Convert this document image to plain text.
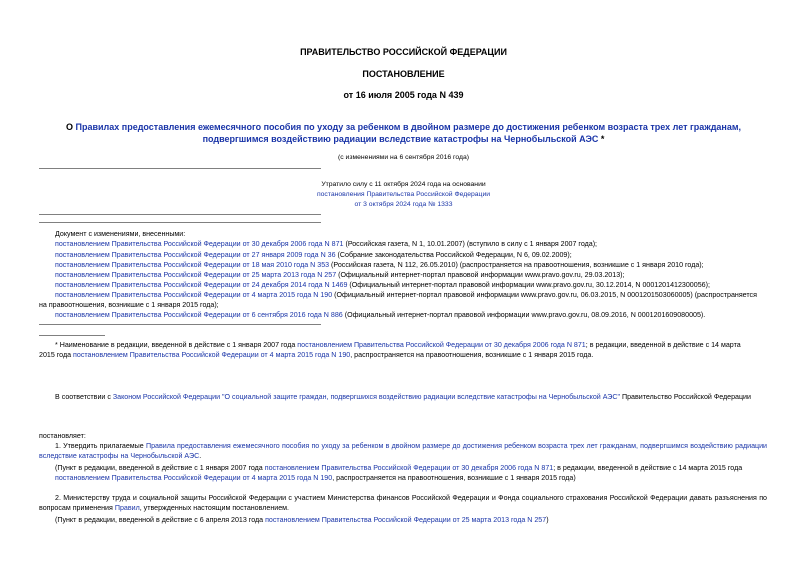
ПРАВИТЕЛЬСТВО РОССИЙСКОЙ ФЕДЕРАЦИИ
ПОСТАНОВЛЕНИЕ
от 16 июля 2005 года N 439
О Правилах предоставления ежемесячного пособия по уходу за ребенком в двойном размере до достижения ребенком возраста трех лет гражданам,
подвергшимся воздействию радиации вследствие катастрофы на Чернобыльской АЭС *
(с изменениями на 6 сентября 2016 года)
Утратило силу с 11 октября 2024 года на основании
постановления Правительства Российской Федерации
от 3 октября 2024 года № 1333
Документ с изменениями, внесенными:
постановлением Правительства Российской Федерации от 30 декабря 2006 года N 871 (Российская газета, N 1, 10.01.2007) (вступило в силу с 1 января 2007 года);
постановлением Правительства Российской Федерации от 27 января 2009 года N 36 (Собрание законодательства Российской Федерации, N 6, 09.02.2009);
постановлением Правительства Российской Федерации от 18 мая 2010 года N 353 (Российская газета, N 112, 26.05.2010) (распространяется на правоотношения, возникшие с 1 января 2010 года);
постановлением Правительства Российской Федерации от 25 марта 2013 года N 257 (Официальный интернет-портал правовой информации www.pravo.gov.ru, 29.03.2013);
постановлением Правительства Российской Федерации от 24 декабря 2014 года N 1469 (Официальный интернет-портал правовой информации www.pravo.gov.ru, 30.12.2014, N 0001201412300056);
постановлением Правительства Российской Федерации от 4 марта 2015 года N 190 (Официальный интернет-портал правовой информации www.pravo.gov.ru, 06.03.2015, N 0001201503060005) (распространяется
на правоотношения, возникшие с 1 января 2015 года);
постановлением Правительства Российской Федерации от 6 сентября 2016 года N 886 (Официальный интернет-портал правовой информации www.pravo.gov.ru, 08.09.2016, N 0001201609080005).
* Наименование в редакции, введенной в действие с 1 января 2007 года постановлением Правительства Российской Федерации от 30 декабря 2006 года N 871; в редакции, введенной в действие с 14 марта
2015 года постановлением Правительства Российской Федерации от 4 марта 2015 года N 190, распространяется на правоотношения, возникшие с 1 января 2015 года.
В соответствии с Законом Российской Федерации "О социальной защите граждан, подвергшихся воздействию радиации вследствие катастрофы на Чернобыльской АЭС" Правительство Российской Федерации
постановляет:
1. Утвердить прилагаемые Правила предоставления ежемесячного пособия по уходу за ребенком в двойном размере до достижения ребенком возраста трех лет гражданам, подвергшимся воздействию радиации вследствие катастрофы на Чернобыльской АЭС.
(Пункт в редакции, введенной в действие с 1 января 2007 года постановлением Правительства Российской Федерации от 30 декабря 2006 года N 871; в редакции, введенной в действие с 14 марта 2015 года
постановлением Правительства Российской Федерации от 4 марта 2015 года N 190, распространяется на правоотношения, возникшие с 1 января 2015 года)
2. Министерству труда и социальной защиты Российской Федерации с участием Министерства финансов Российской Федерации и Фонда социального страхования Российской Федерации давать разъяснения по вопросам применения Правил, утвержденных настоящим постановлением.
(Пункт в редакции, введенной в действие с 6 апреля 2013 года постановлением Правительства Российской Федерации от 25 марта 2013 года N 257)
